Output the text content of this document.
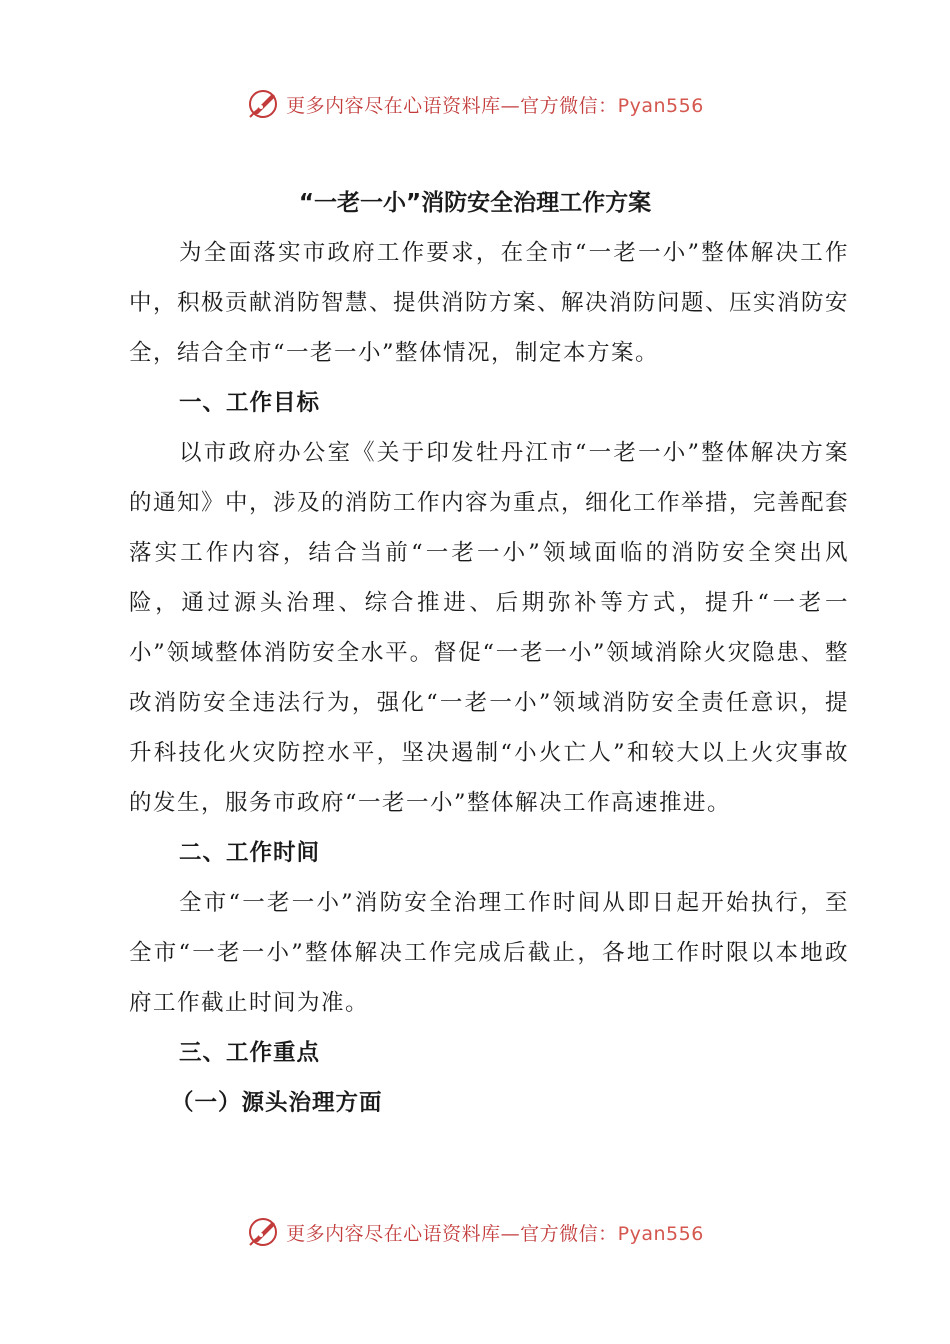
更多内容尽在心语资料库—官方微信：Pyan556
“一老一小”消防安全治理工作方案

为全面落实市政府工作要求，在全市“一老一小”整体解决工作中，积极贡献消防智慧、提供消防方案、解决消防问题、压实消防安全，结合全市“一老一小”整体情况，制定本方案。

一、工作目标

以市政府办公室《关于印发牡丹江市“一老一小”整体解决方案的通知》中，涉及的消防工作内容为重点，细化工作举措，完善配套落实工作内容，结合当前“一老一小”领域面临的消防安全突出风险，通过源头治理、综合推进、后期弥补等方式，提升“一老一小”领域整体消防安全水平。督促“一老一小”领域消除火灾隐患、整改消防安全违法行为，强化“一老一小”领域消防安全责任意识，提升科技化火灾防控水平，坚决遏制“小火亡人”和较大以上火灾事故的发生，服务市政府“一老一小”整体解决工作高速推进。

二、工作时间

全市“一老一小”消防安全治理工作时间从即日起开始执行，至全市“一老一小”整体解决工作完成后截止，各地工作时限以本地政府工作截止时间为准。

三、工作重点
（一）源头治理方面
更多内容尽在心语资料库—官方微信：Pyan556
